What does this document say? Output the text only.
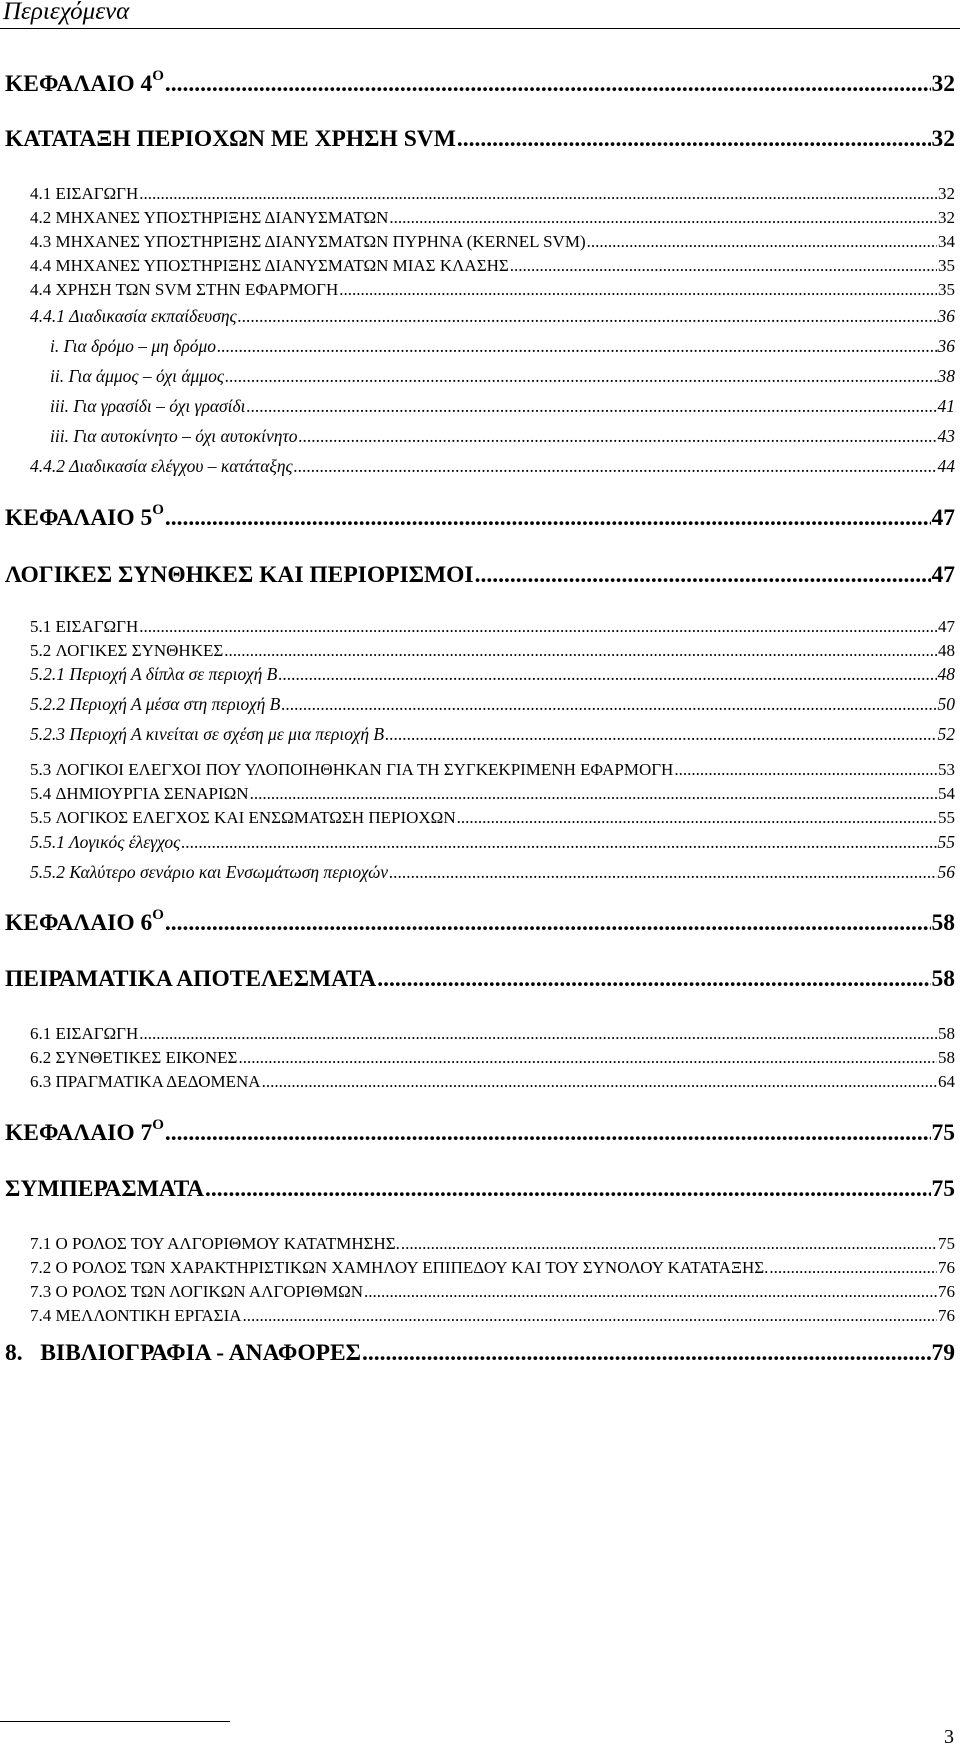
Περιεχόμενα
ΚΕΦΑΛΑΙΟ $4^O$ .....	32
ΚΑΤΑΤΑΞΗ ΠΕΡΙΟΧΩΝ ΜΕ ΧΡΗΣΗ SVM .....	32
4.1 ΕΙΣΑΓΩΓΗ .....	32
4.2 ΜΗΧΑΝΕΣ ΥΠΟΣΤΗΡΙΞΗΣ ΔΙΑΝΥΣΜΑΤΩΝ .....	32
4.3 ΜΗΧΑΝΕΣ ΥΠΟΣΤΗΡΙΞΗΣ ΔΙΑΝΥΣΜΑΤΩΝ ΠΥΡΗΝΑ (KERNEL SVM) .....	34
4.4 ΜΗΧΑΝΕΣ ΥΠΟΣΤΗΡΙΞΗΣ ΔΙΑΝΥΣΜΑΤΩΝ ΜΙΑΣ ΚΛΑΣΗΣ .....	35
4.4 ΧΡΗΣΗ ΤΩΝ SVM ΣΤΗΝ ΕΦΑΡΜΟΓΗ .....	35
4.4.1 Διαδικασία εκπαίδευσης .....	36
i. Για δρόμο – μη δρόμο .....	36
ii. Για άμμος – όχι άμμος .....	38
iii. Για γρασίδι – όχι γρασίδι .....	41
iii. Για αυτοκίνητο – όχι αυτοκίνητο .....	43
4.4.2 Διαδικασία ελέγχου – κατάταξης .....	44
ΚΕΦΑΛΑΙΟ $5^O$ .....	47
ΛΟΓΙΚΕΣ ΣΥΝΘΗΚΕΣ ΚΑΙ ΠΕΡΙΟΡΙΣΜΟΙ .....	47
5.1 ΕΙΣΑΓΩΓΗ .....	47
5.2 ΛΟΓΙΚΕΣ ΣΥΝΘΗΚΕΣ .....	48
5.2.1 Περιοχή Α δίπλα σε περιοχή Β .....	48
5.2.2 Περιοχή Α μέσα στη περιοχή Β .....	50
5.2.3 Περιοχή Α κινείται σε σχέση με μια περιοχή Β .....	52
5.3 ΛΟΓΙΚΟΙ ΕΛΕΓΧΟΙ ΠΟΥ ΥΛΟΠΟΙΗΘΗΚΑΝ ΓΙΑ ΤΗ ΣΥΓΚΕΚΡΙΜΕΝΗ ΕΦΑΡΜΟΓΗ .....	53
5.4 ΔΗΜΙΟΥΡΓΙΑ ΣΕΝΑΡΙΩΝ .....	54
5.5 ΛΟΓΙΚΟΣ ΕΛΕΓΧΟΣ ΚΑΙ ΕΝΣΩΜΑΤΩΣΗ ΠΕΡΙΟΧΩΝ .....	55
5.5.1 Λογικός έλεγχος .....	55
5.5.2 Καλύτερο σενάριο και Ενσωμάτωση περιοχών .....	56
ΚΕΦΑΛΑΙΟ $6^O$ .....	58
ΠΕΙΡΑΜΑΤΙΚΑ ΑΠΟΤΕΛΕΣΜΑΤΑ .....	58
6.1 ΕΙΣΑΓΩΓΗ .....	58
6.2 ΣΥΝΘΕΤΙΚΕΣ ΕΙΚΟΝΕΣ .....	58
6.3 ΠΡΑΓΜΑΤΙΚΑ ΔΕΔΟΜΕΝΑ .....	64
ΚΕΦΑΛΑΙΟ $7^O$ .....	75
ΣΥΜΠΕΡΑΣΜΑΤΑ .....	75
7.1 Ο ΡΟΛΟΣ ΤΟΥ ΑΛΓΟΡΙΘΜΟΥ ΚΑΤΑΤΜΗΣΗΣ. .....	75
7.2 Ο ΡΟΛΟΣ ΤΩΝ ΧΑΡΑΚΤΗΡΙΣΤΙΚΩΝ ΧΑΜΗΛΟΥ ΕΠΙΠΕΔΟΥ ΚΑΙ ΤΟΥ ΣΥΝΟΛΟΥ ΚΑΤΑΤΑΞΗΣ. .....	76
7.3 Ο ΡΟΛΟΣ ΤΩΝ ΛΟΓΙΚΩΝ ΑΛΓΟΡΙΘΜΩΝ .....	76
7.4 ΜΕΛΛΟΝΤΙΚΗ ΕΡΓΑΣΙΑ .....	76
8. ΒΙΒΛΙΟΓΡΑΦΙΑ - ΑΝΑΦΟΡΕΣ .....	79
3
